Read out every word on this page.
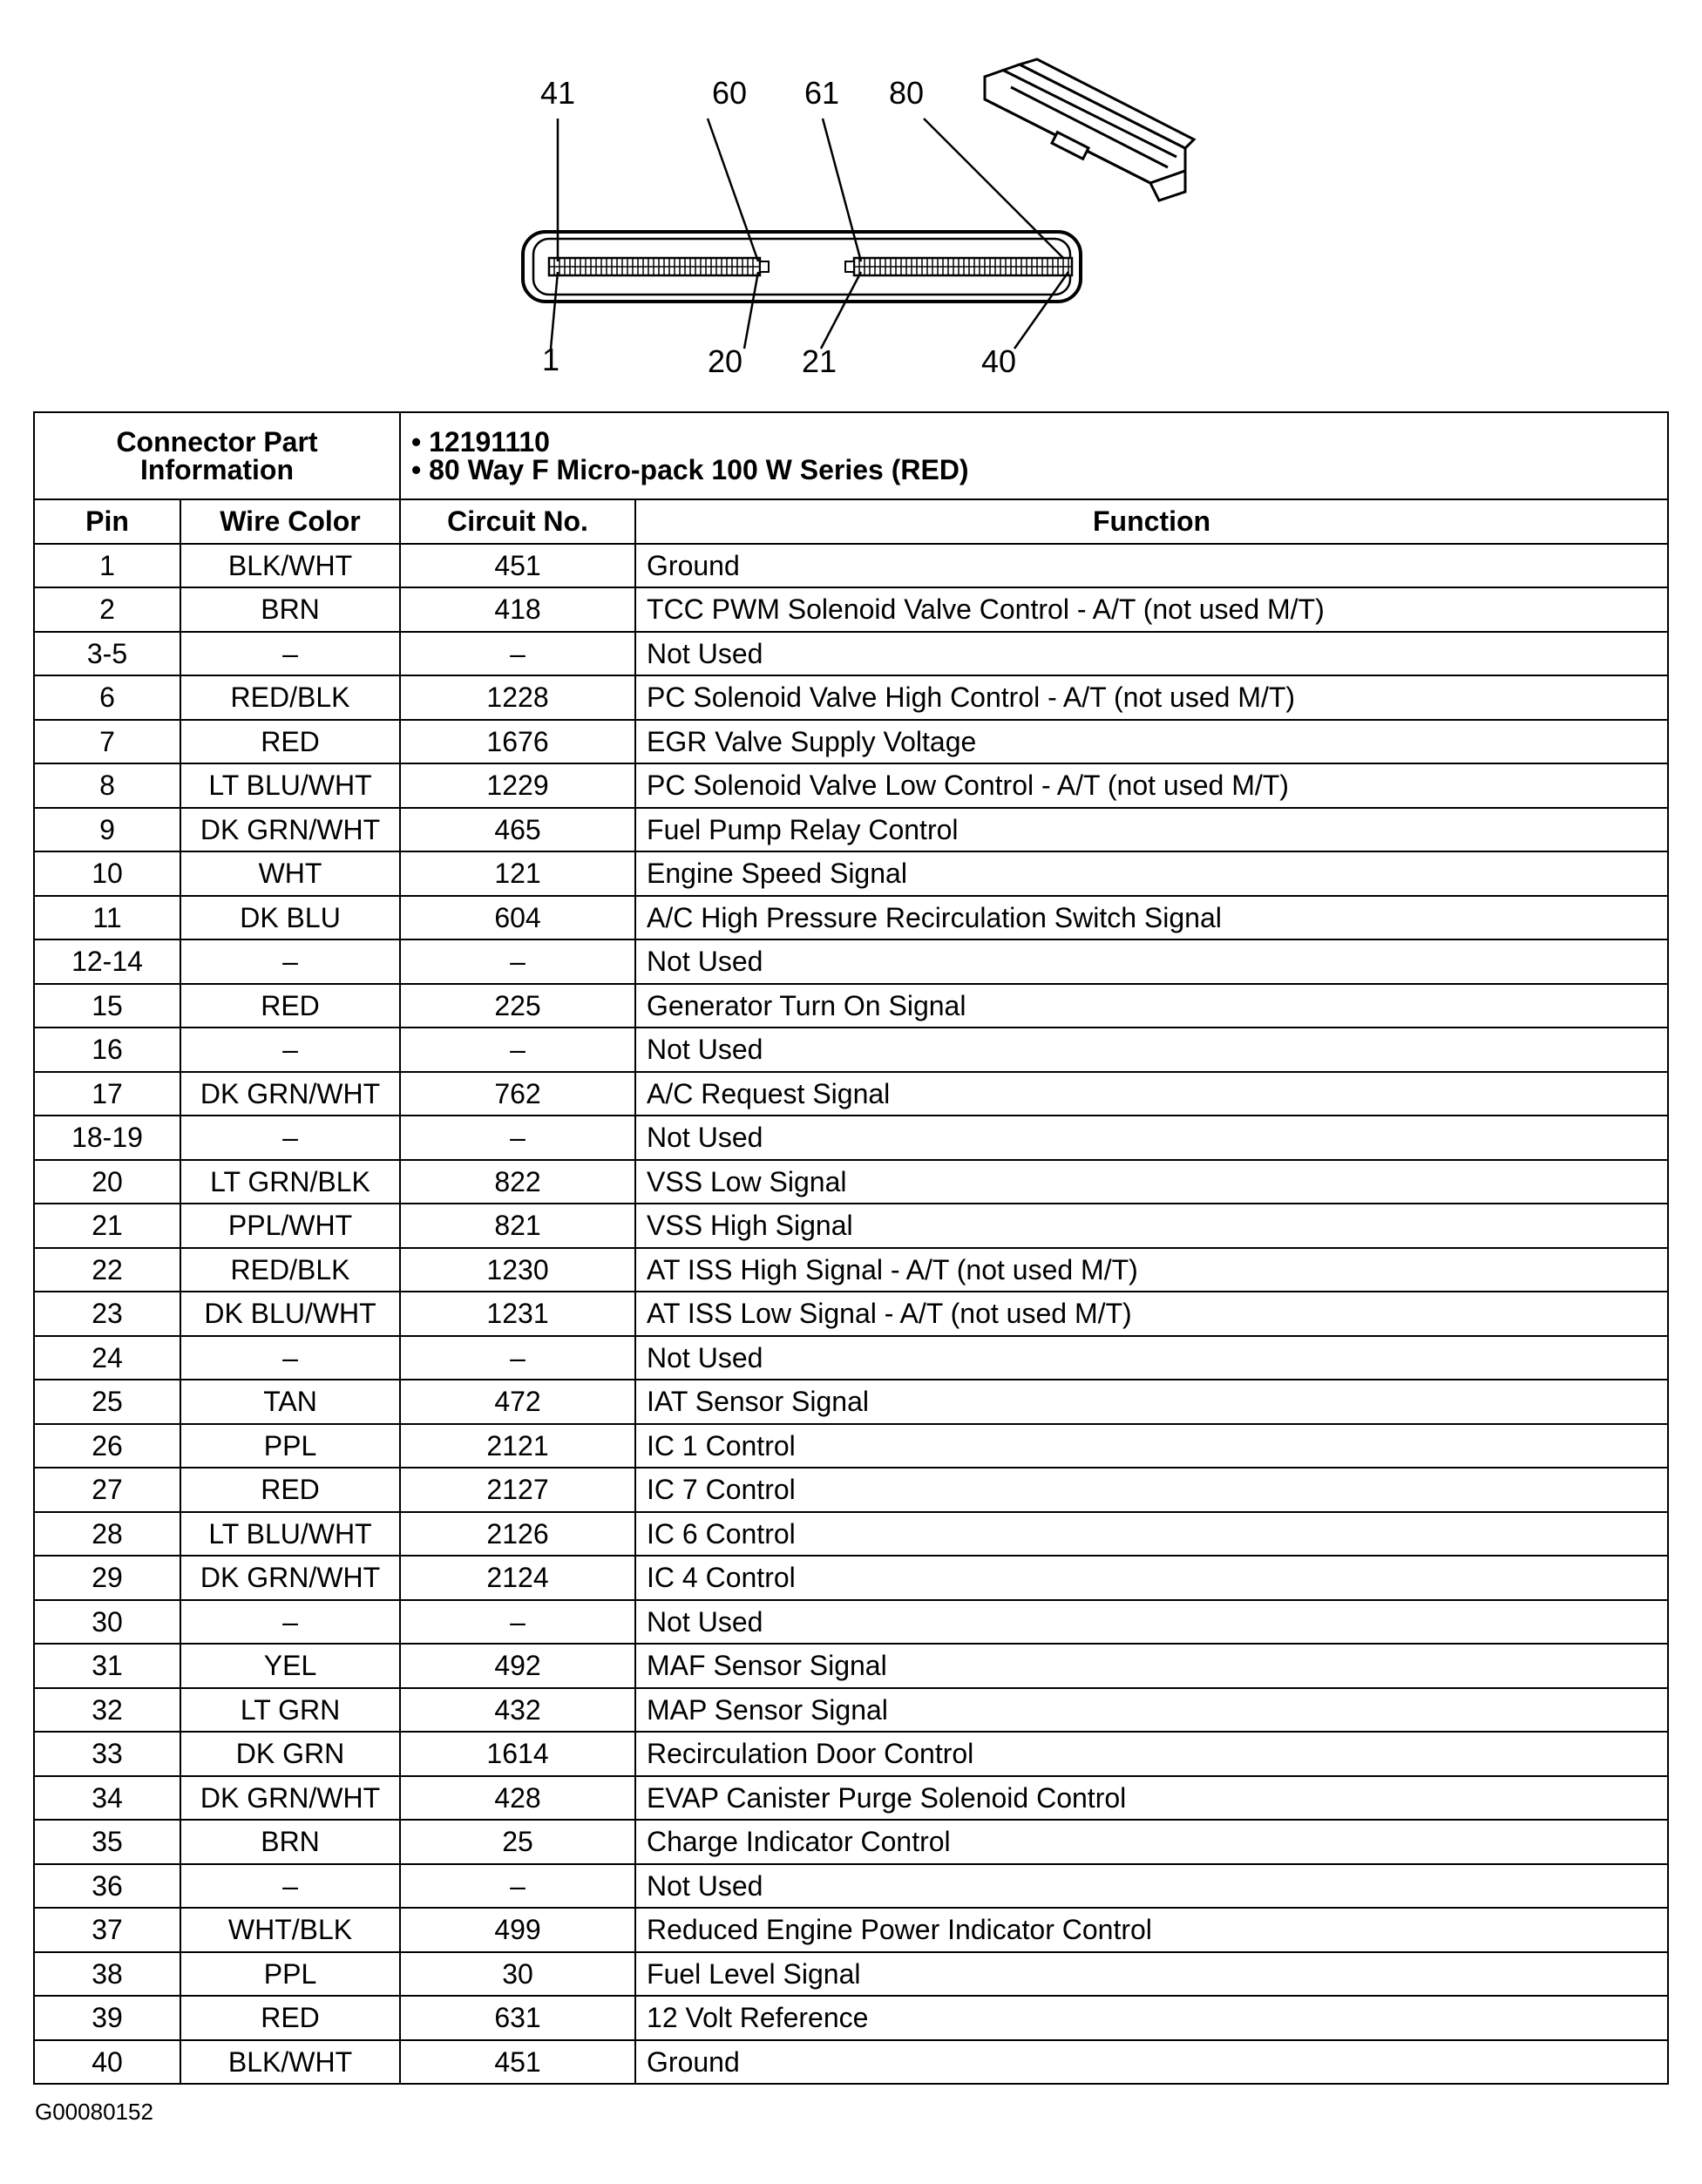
41	60 61 80
1	20 21	40
Connector Part Information		• 12191110
• 80 Way F Micro-pack 100 W Series (RED)

Pin	Wire Color	Circuit No.	Function
1	BLK/WHT	451	Ground
2	BRN	418	TCC PWM Solenoid Valve Control - A/T (not used M/T)
3-5	–	–	Not Used
6	RED/BLK	1228	PC Solenoid Valve High Control - A/T (not used M/T)
7	RED	1676	EGR Valve Supply Voltage
8	LT BLU/WHT	1229	PC Solenoid Valve Low Control - A/T (not used M/T)
9	DK GRN/WHT	465	Fuel Pump Relay Control
10	WHT	121	Engine Speed Signal
11	DK BLU	604	A/C High Pressure Recirculation Switch Signal
12-14	–	–	Not Used
15	RED	225	Generator Turn On Signal
16	–	–	Not Used
17	DK GRN/WHT	762	A/C Request Signal
18-19	–	–	Not Used
20	LT GRN/BLK	822	VSS Low Signal
21	PPL/WHT	821	VSS High Signal
22	RED/BLK	1230	AT ISS High Signal - A/T (not used M/T)
23	DK BLU/WHT	1231	AT ISS Low Signal - A/T (not used M/T)
24	–	–	Not Used
25	TAN	472	IAT Sensor Signal
26	PPL	2121	IC 1 Control
27	RED	2127	IC 7 Control
28	LT BLU/WHT	2126	IC 6 Control
29	DK GRN/WHT	2124	IC 4 Control
30	–	–	Not Used
31	YEL	492	MAF Sensor Signal
32	LT GRN	432	MAP Sensor Signal
33	DK GRN	1614	Recirculation Door Control
34	DK GRN/WHT	428	EVAP Canister Purge Solenoid Control
35	BRN	25	Charge Indicator Control
36	–	–	Not Used
37	WHT/BLK	499	Reduced Engine Power Indicator Control
38	PPL	30	Fuel Level Signal
39	RED	631	12 Volt Reference
40	BLK/WHT	451	Ground
G00080152
